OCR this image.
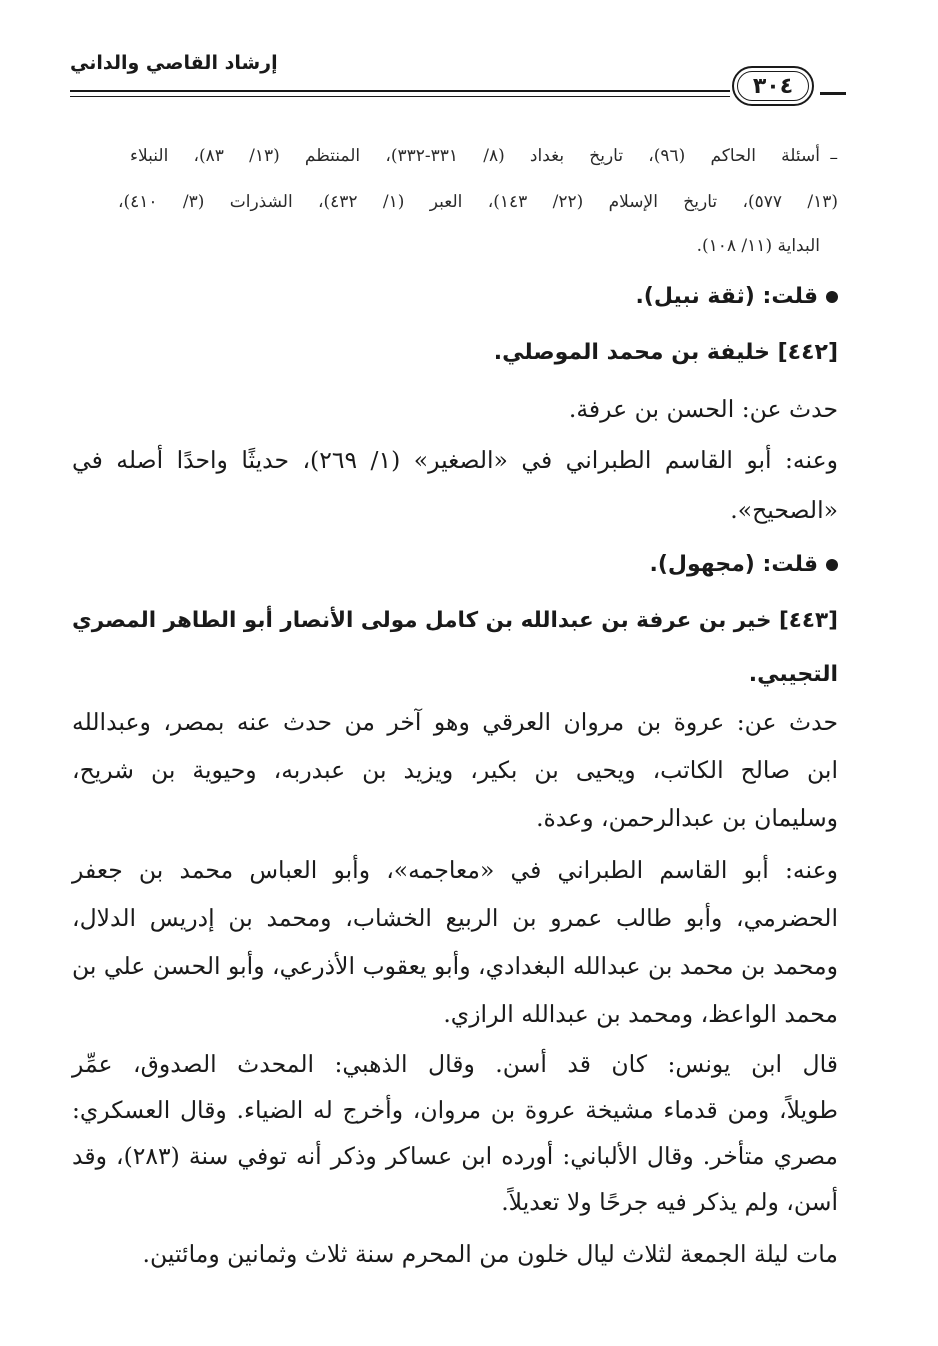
إرشاد القاصي والداني
٣٠٤
–
أسئلة الحاكم (٩٦)، تاريخ بغداد (٨/ ٣٣١-٣٣٢)، المنتظم (١٣/ ٨٣)، النبلاء
(١٣/ ٥٧٧)، تاريخ الإسلام (٢٢/ ١٤٣)، العبر (١/ ٤٣٢)، الشذرات (٣/ ٤١٠)،
البداية (١١/ ١٠٨).
قلت: (ثقة نبيل).
[٤٤٢] خليفة بن محمد الموصلي.
حدث عن: الحسن بن عرفة.
وعنه: أبو القاسم الطبراني في «الصغير» (١/ ٢٦٩)، حديثًا واحدًا أصله في
«الصحيح».
قلت: (مجهول).
[٤٤٣] خير بن عرفة بن عبدالله بن كامل مولى الأنصار أبو الطاهر المصري
التجيبي.
حدث عن: عروة بن مروان العرقي وهو آخر من حدث عنه بمصر، وعبدالله
ابن صالح الكاتب، ويحيى بن بكير، ويزيد بن عبدربه، وحيوية بن شريح،
وسليمان بن عبدالرحمن، وعدة.
وعنه: أبو القاسم الطبراني في «معاجمه»، وأبو العباس محمد بن جعفر
الحضرمي، وأبو طالب عمرو بن الربيع الخشاب، ومحمد بن إدريس الدلال،
ومحمد بن محمد بن عبدالله البغدادي، وأبو يعقوب الأذرعي، وأبو الحسن علي بن
محمد الواعظ، ومحمد بن عبدالله الرازي.
قال ابن يونس: كان قد أسن. وقال الذهبي: المحدث الصدوق، عمِّر
طويلاً، ومن قدماء مشيخة عروة بن مروان، وأخرج له الضياء. وقال العسكري:
مصري متأخر. وقال الألباني: أورده ابن عساكر وذكر أنه توفي سنة (٢٨٣)، وقد
أسن، ولم يذكر فيه جرحًا ولا تعديلاً.
مات ليلة الجمعة لثلاث ليال خلون من المحرم سنة ثلاث وثمانين ومائتين.
